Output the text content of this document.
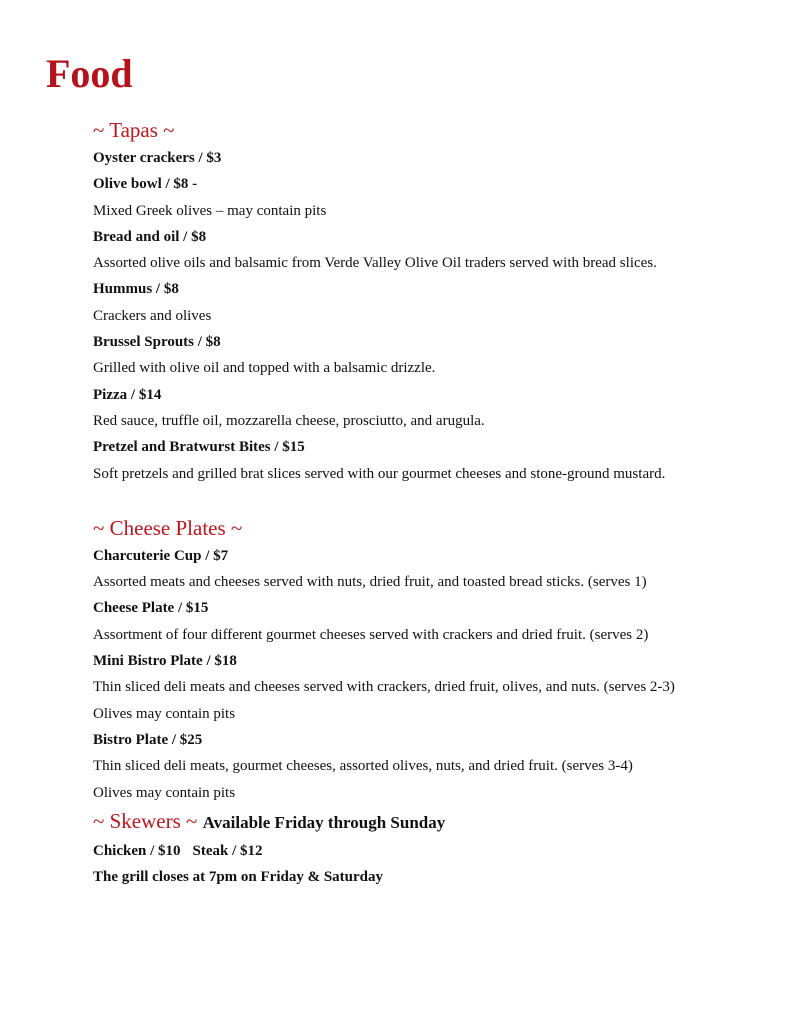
Food
~ Tapas ~
Oyster crackers / $3
Olive bowl / $8 -
Mixed Greek olives – may contain pits
Bread and oil / $8
Assorted olive oils and balsamic from Verde Valley Olive Oil traders served with bread slices.
Hummus / $8
Crackers and olives
Brussel Sprouts / $8
Grilled with olive oil and topped with a balsamic drizzle.
Pizza / $14
Red sauce, truffle oil, mozzarella cheese, prosciutto, and arugula.
Pretzel and Bratwurst Bites / $15
Soft pretzels and grilled brat slices served with our gourmet cheeses and stone-ground mustard.
~ Cheese Plates ~
Charcuterie Cup / $7
Assorted meats and cheeses served with nuts, dried fruit, and toasted bread sticks. (serves 1)
Cheese Plate / $15
Assortment of four different gourmet cheeses served with crackers and dried fruit. (serves 2)
Mini Bistro Plate / $18
Thin sliced deli meats and cheeses served with crackers, dried fruit, olives, and nuts. (serves 2-3)
Olives may contain pits
Bistro Plate / $25
Thin sliced deli meats, gourmet cheeses, assorted olives, nuts, and dried fruit. (serves 3-4)
Olives may contain pits
~ Skewers ~ Available Friday through Sunday
Chicken / $10 Steak / $12
The grill closes at 7pm on Friday & Saturday
